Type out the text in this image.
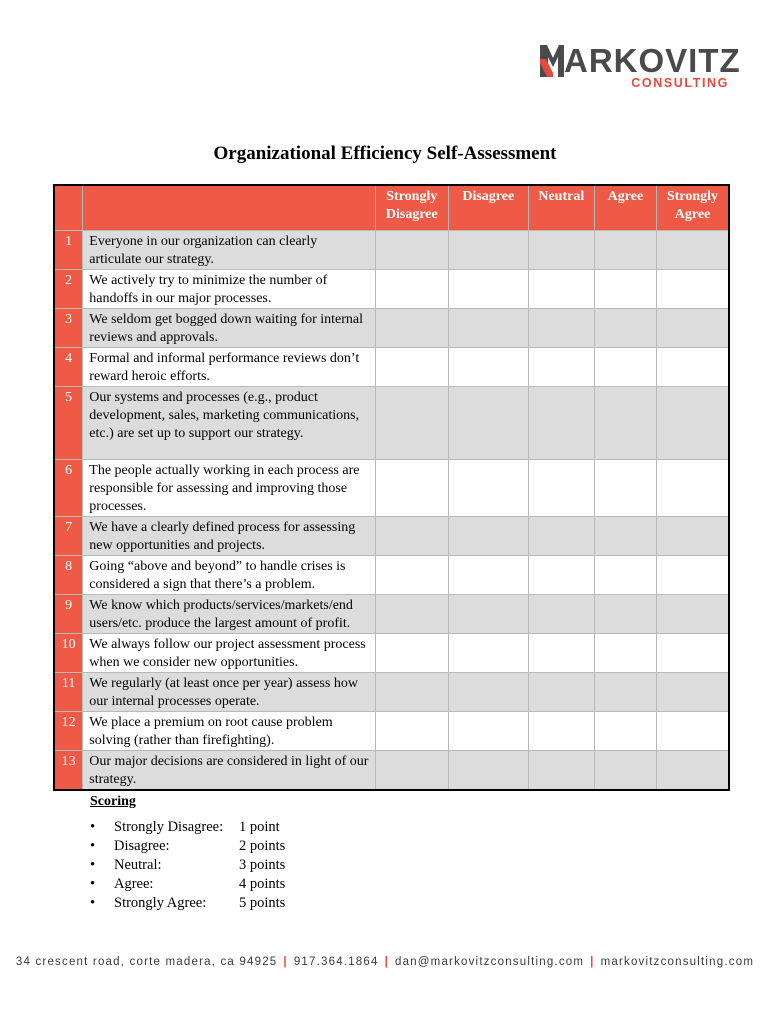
ARKOVITZ
CONSULTING
Organizational Efficiency Self-Assessment
		Strongly Disagree	Disagree	Neutral	Agree	Strongly Agree
1	Everyone in our organization can clearly articulate our strategy.					
2	We actively try to minimize the number of handoffs in our major processes.					
3	We seldom get bogged down waiting for internal reviews and approvals.					
4	Formal and informal performance reviews don’t reward heroic efforts.					
5	Our systems and processes (e.g., product development, sales, marketing communications, etc.) are set up to support our strategy.					
6	The people actually working in each process are responsible for assessing and improving those processes.					
7	We have a clearly defined process for assessing new opportunities and projects.					
8	Going “above and beyond” to handle crises is considered a sign that there’s a problem.					
9	We know which products/services/markets/end users/etc. produce the largest amount of profit.					
10	We always follow our project assessment process when we consider new opportunities.					
11	We regularly (at least once per year) assess how our internal processes operate.					
12	We place a premium on root cause problem solving (rather than firefighting).					
13	Our major decisions are considered in light of our strategy.					
Scoring
•	Strongly Disagree:	1 point
•	Disagree:	2 points
•	Neutral:	3 points
•	Agree:	4 points
•	Strongly Agree:	5 points
34 crescent road, corte madera, ca 94925 | 917.364.1864 | dan@markovitzconsulting.com | markovitzconsulting.com
